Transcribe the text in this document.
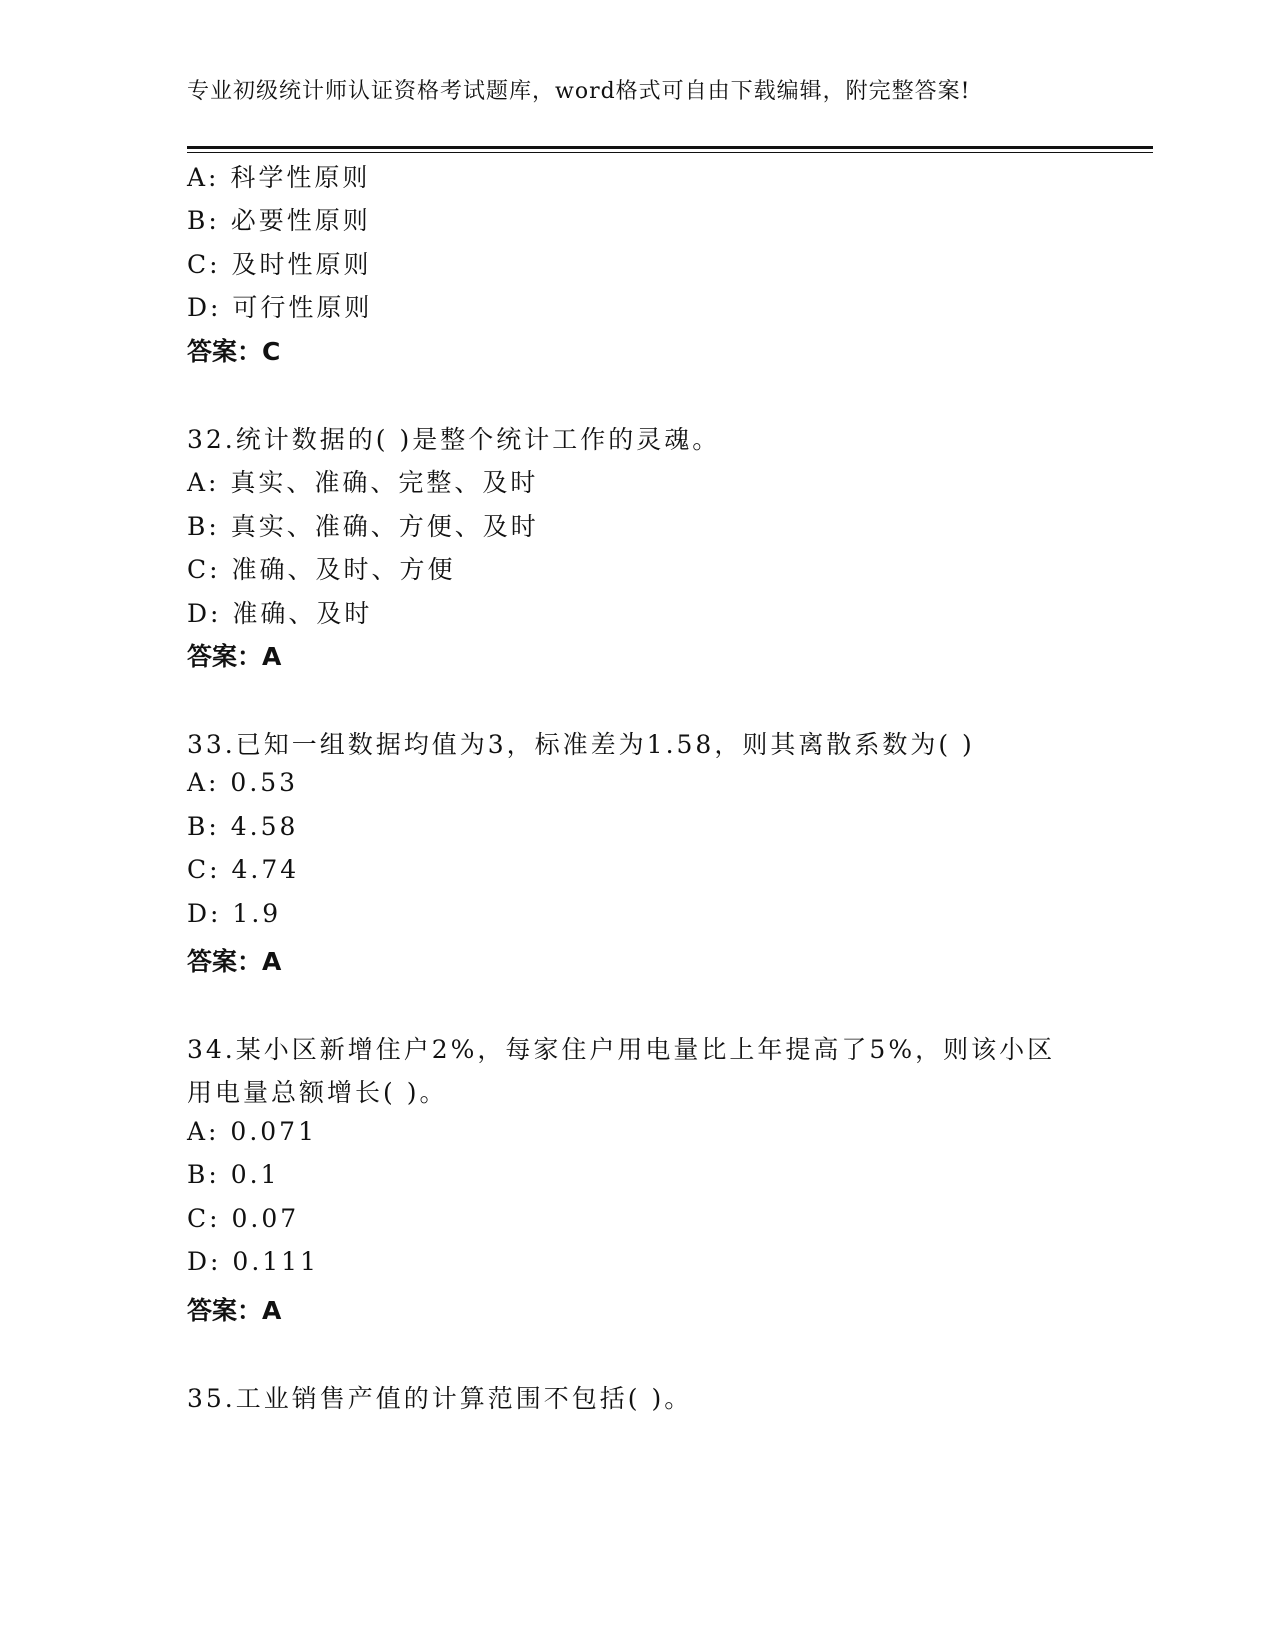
专业初级统计师认证资格考试题库，word格式可自由下载编辑，附完整答案!
A: 科学性原则
B: 必要性原则
C: 及时性原则
D: 可行性原则
答案：C
32.统计数据的( )是整个统计工作的灵魂。
A: 真实、准确、完整、及时
B: 真实、准确、方便、及时
C: 准确、及时、方便
D: 准确、及时
答案：A
33.已知一组数据均值为3，标准差为1.58，则其离散系数为( )
A: 0.53
B: 4.58
C: 4.74
D: 1.9
答案：A
34.某小区新增住户2%，每家住户用电量比上年提高了5%，则该小区
用电量总额增长( )。
A: 0.071
B: 0.1
C: 0.07
D: 0.111
答案：A
35.工业销售产值的计算范围不包括( )。
